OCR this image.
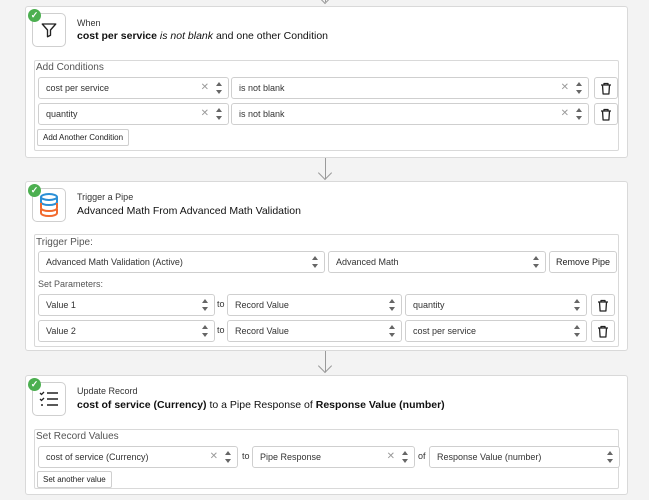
✓
When
cost per service is not blank and one other Condition
Add Conditions
cost per service	✕	is not blank	✕
quantity	✕	is not blank	✕
Add Another Condition
✓
Trigger a Pipe
Advanced Math From Advanced Math Validation
Trigger Pipe:
Advanced Math Validation (Active)	Advanced Math	Remove Pipe
Set Parameters:
Value 1	to	Record Value	quantity
Value 2	to	Record Value	cost per service
✓
Update Record
cost of service (Currency) to a Pipe Response of Response Value (number)
Set Record Values
cost of service (Currency)	✕	to	Pipe Response	✕	of	Response Value (number)
Set another value
